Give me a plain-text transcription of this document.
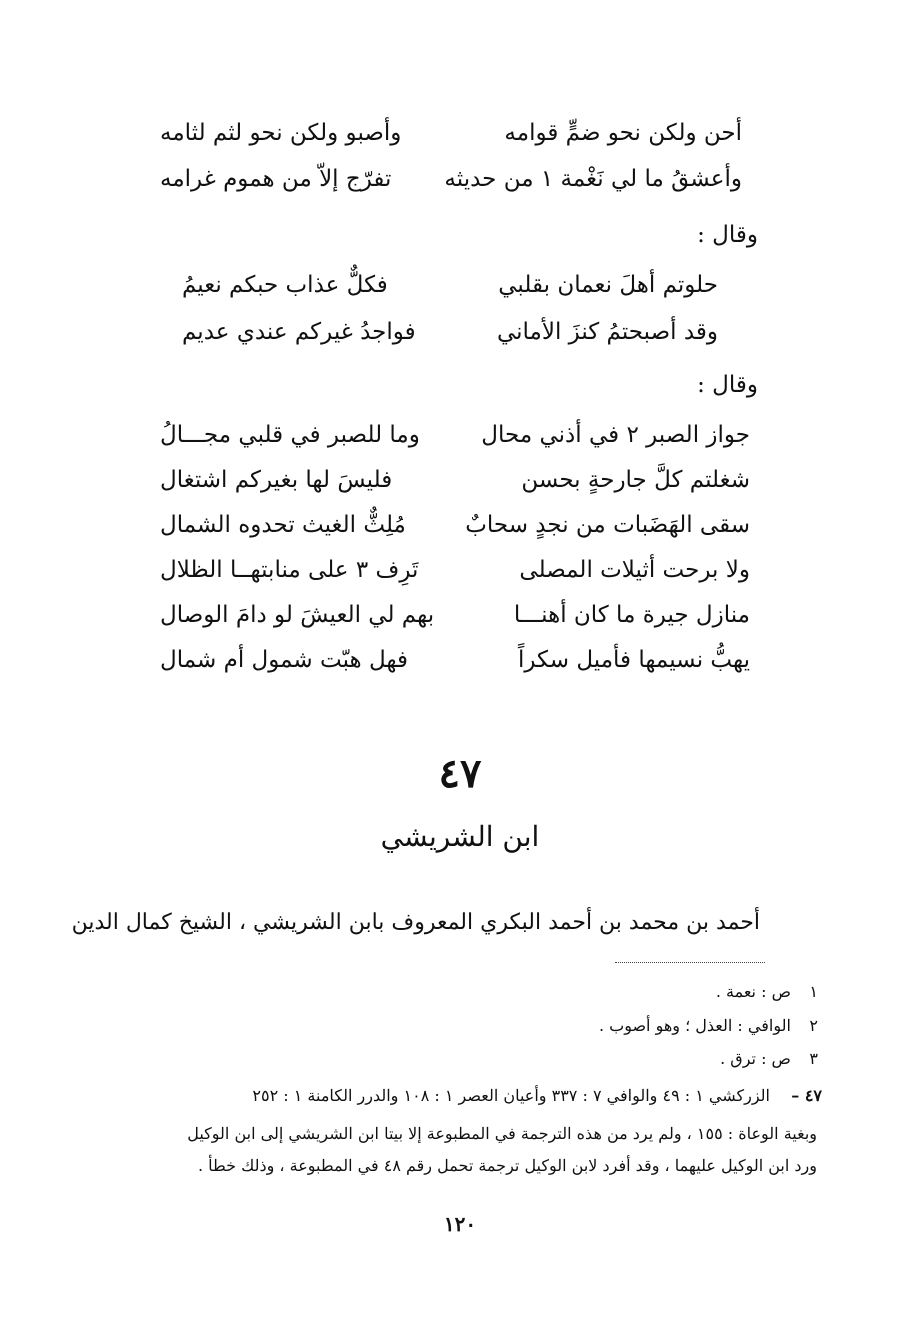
أحن ولكن نحو ضمٍّ قوامه
وأصبو ولكن نحو لثم لثامه
وأعشقُ ما لي نَغْمة ١ من حديثه
تفرّج إلاّ من هموم غرامه
وقال :
حلوتم أهلَ نعمان بقلبي
فكلٌّ عذاب حبكم نعيمُ
وقد أصبحتمُ كنزَ الأماني
فواجدُ غيركم عندي عديم
وقال :
جواز الصبر ٢ في أذني محال
وما للصبر في قلبي مجـــالُ
شغلتم كلَّ جارحةٍ بحسن
فليسَ لها بغيركم اشتغال
سقى الهَضَبات من نجدٍ سحابٌ
مُلِثٌّ الغيث تحدوه الشمال
ولا برحت أثيلات المصلى
تَرِف ٣ على منابتهــا الظلال
منازل جيرة ما كان أهنـــا
بهم لي العيشَ لو دامَ الوصال
يهبُّ نسيمها فأميل سكراً
فهل هبّت شمول أم شمال
٤٧
ابن الشريشي
أحمد بن محمد بن أحمد البكري المعروف بابن الشريشي ، الشيخ كمال الدين
١ ص : نعمة .
٢ الوافي : العذل ؛ وهو أصوب .
٣ ص : ترق .
٤٧ –
الزركشي ١ : ٤٩ والوافي ٧ : ٣٣٧ وأعيان العصر ١ : ١٠٨ والدرر الكامنة ١ : ٢٥٢
وبغية الوعاة : ١٥٥ ، ولم يرد من هذه الترجمة في المطبوعة إلا بيتا ابن الشريشي إلى ابن الوكيل
ورد ابن الوكيل عليهما ، وقد أفرد لابن الوكيل ترجمة تحمل رقم ٤٨ في المطبوعة ، وذلك خطأ .
١٢٠
